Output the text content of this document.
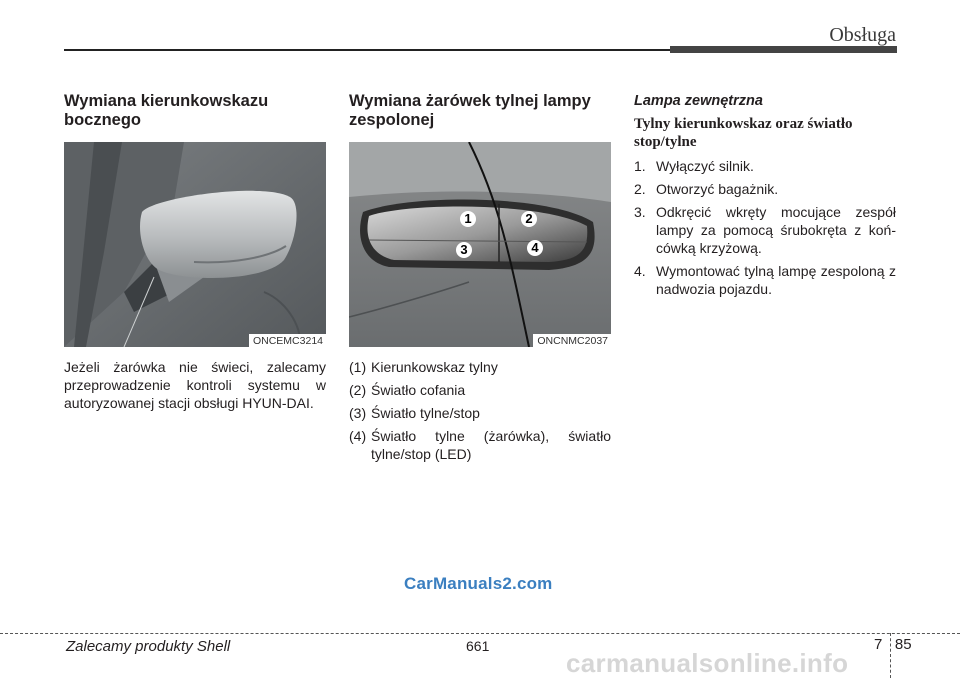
Obsługa
Wymiana kierunkowskazu bocznego
ONCEMC3214
Jeżeli żarówka nie świeci, zalecamy przeprowadzenie kontroli systemu w autoryzowanej stacji obsługi HYUN-DAI.
Wymiana żarówek tylnej lampy zespolonej
1	2
3	4
ONCNMC2037
(1) Kierunkowskaz tylny
(2) Światło cofania
(3) Światło tylne/stop
(4) Światło tylne (żarówka), światło tylne/stop (LED)
Lampa zewnętrzna
Tylny kierunkowskaz oraz światło stop/tylne
1. Wyłączyć silnik.
2. Otworzyć bagażnik.
3. Odkręcić wkręty mocujące zespół lampy za pomocą śrubokręta z koń-cówką krzyżową.
4. Wymontować tylną lampę zespoloną z nadwozia pojazdu.
CarManuals2.com
carmanualsonline.info
Zalecamy produkty Shell	661	7 85
